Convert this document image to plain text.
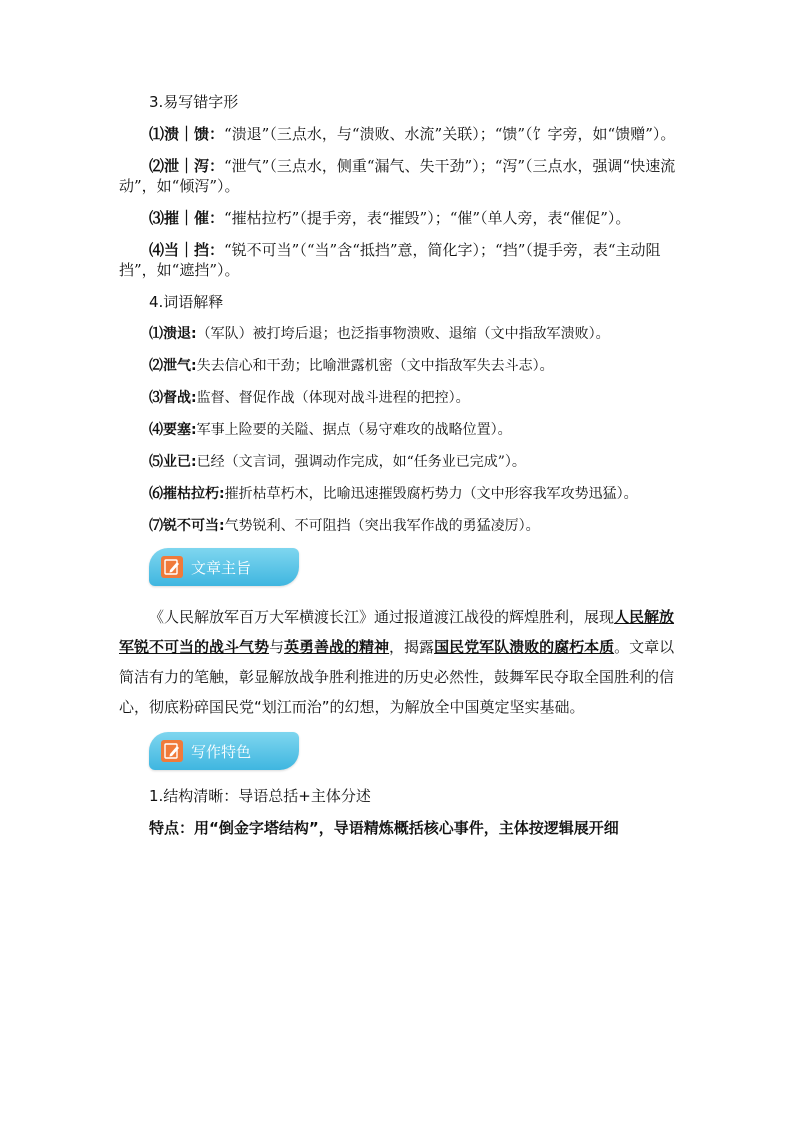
3.易写错字形

⑴溃｜馈：“溃退”（三点水，与“溃败、水流”关联）；“馈”（饣字旁，如“馈赠”）。

⑵泄｜泻：“泄气”（三点水，侧重“漏气、失干劲”）；“泻”（三点水，强调“快速流动”，如“倾泻”）。

⑶摧｜催：“摧枯拉朽”（提手旁，表“摧毁”）；“催”（单人旁，表“催促”）。

⑷当｜挡：“锐不可当”（“当”含“抵挡”意，简化字）；“挡”（提手旁，表“主动阻挡”，如“遮挡”）。

4.词语解释

⑴溃退:（军队）被打垮后退；也泛指事物溃败、退缩（文中指敌军溃败）。

⑵泄气:失去信心和干劲；比喻泄露机密（文中指敌军失去斗志）。

⑶督战:监督、督促作战（体现对战斗进程的把控）。

⑷要塞:军事上险要的关隘、据点（易守难攻的战略位置）。

⑸业已:已经（文言词，强调动作完成，如“任务业已完成”）。

⑹摧枯拉朽:摧折枯草朽木，比喻迅速摧毁腐朽势力（文中形容我军攻势迅猛）。

⑺锐不可当:气势锐利、不可阻挡（突出我军作战的勇猛凌厉）。

文章主旨

《人民解放军百万大军横渡长江》通过报道渡江战役的辉煌胜利，展现人民解放军锐不可当的战斗气势与英勇善战的精神，揭露国民党军队溃败的腐朽本质。文章以简洁有力的笔触，彰显解放战争胜利推进的历史必然性，鼓舞军民夺取全国胜利的信心，彻底粉碎国民党“划江而治”的幻想，为解放全中国奠定坚实基础。

写作特色

1.结构清晰：导语总括+主体分述

特点：用“倒金字塔结构”，导语精炼概括核心事件，主体按逻辑展开细
